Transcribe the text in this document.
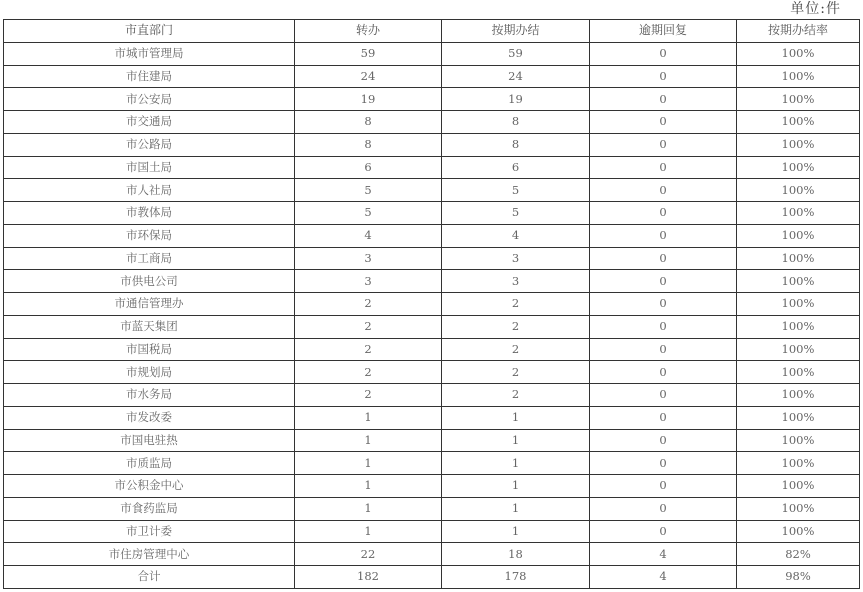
单位:件
市直部门	转办	按期办结	逾期回复	按期办结率
市城市管理局	59	59	0	100%
市住建局	24	24	0	100%
市公安局	19	19	0	100%
市交通局	8	8	0	100%
市公路局	8	8	0	100%
市国土局	6	6	0	100%
市人社局	5	5	0	100%
市教体局	5	5	0	100%
市环保局	4	4	0	100%
市工商局	3	3	0	100%
市供电公司	3	3	0	100%
市通信管理办	2	2	0	100%
市蓝天集团	2	2	0	100%
市国税局	2	2	0	100%
市规划局	2	2	0	100%
市水务局	2	2	0	100%
市发改委	1	1	0	100%
市国电驻热	1	1	0	100%
市质监局	1	1	0	100%
市公积金中心	1	1	0	100%
市食药监局	1	1	0	100%
市卫计委	1	1	0	100%
市住房管理中心	22	18	4	82%
合计	182	178	4	98%
